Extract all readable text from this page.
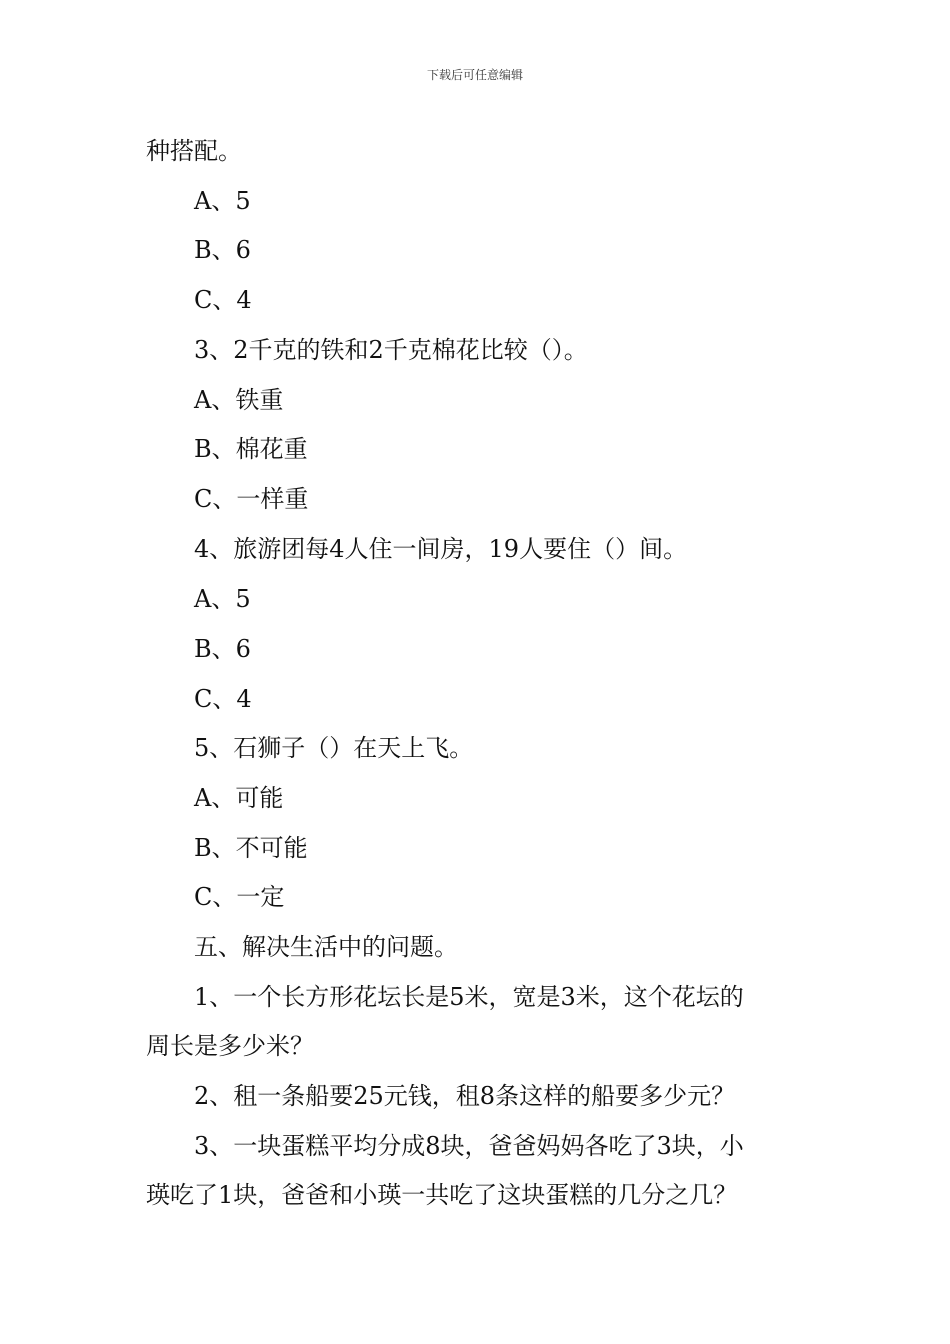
下载后可任意编辑
种搭配。
A、5
B、6
C、4
3、2千克的铁和2千克棉花比较（）。
A、铁重
B、棉花重
C、一样重
4、旅游团每4人住一间房，19人要住（）间。
A、5
B、6
C、4
5、石狮子（）在天上飞。
A、可能
B、不可能
C、一定
五、解决生活中的问题。
1、一个长方形花坛长是5米，宽是3米，这个花坛的
周长是多少米？
2、租一条船要25元钱，租8条这样的船要多少元？
3、一块蛋糕平均分成8块，爸爸妈妈各吃了3块，小
瑛吃了1块，爸爸和小瑛一共吃了这块蛋糕的几分之几？
